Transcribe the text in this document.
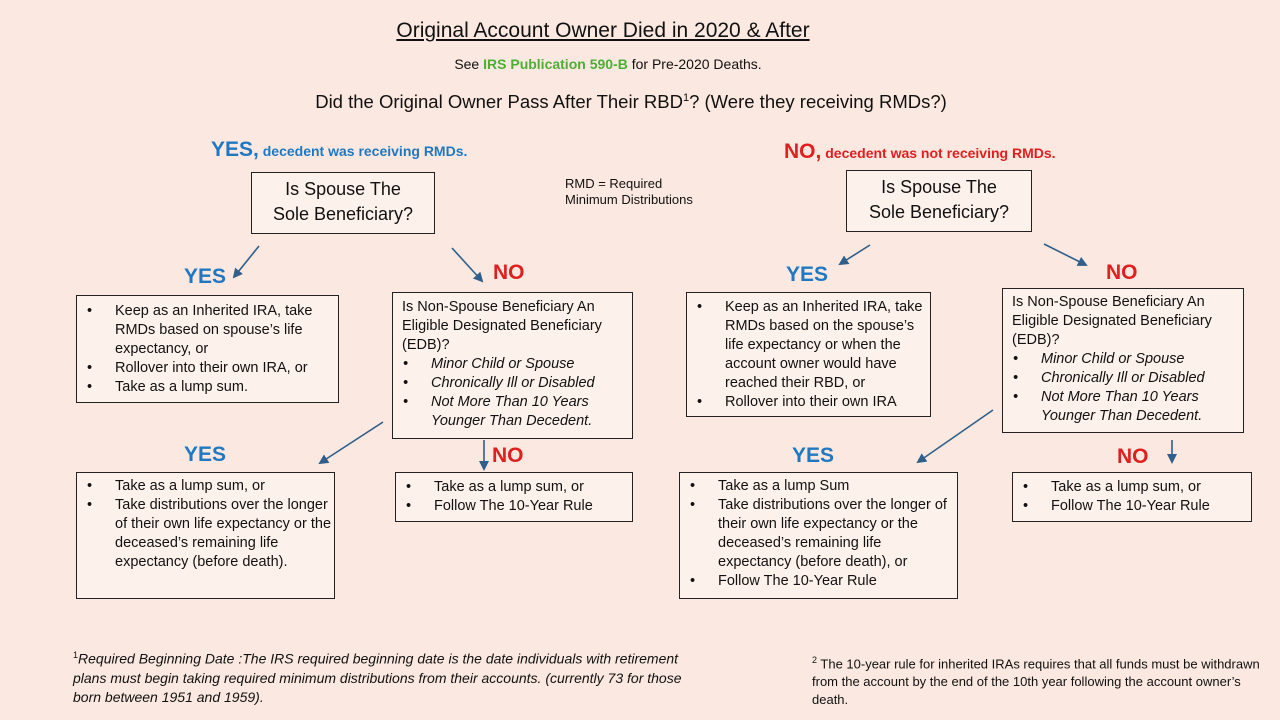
Original Account Owner Died in 2020 & After
See IRS Publication 590-B for Pre-2020 Deaths.
Did the Original Owner Pass After Their RBD$^1$? (Were they receiving RMDs?)
YES, decedent was receiving RMDs.	NO, decedent was not receiving RMDs.
RMD = Required
Minimum Distributions
Is Spouse The
Sole Beneficiary?
YES	NO
• Keep as an Inherited IRA, take RMDs based on spouse’s life expectancy, or
• Rollover into their own IRA, or
• Take as a lump sum.
Is Non-Spouse Beneficiary An Eligible Designated Beneficiary (EDB)?
• Minor Child or Spouse
• Chronically Ill or Disabled
• Not More Than 10 Years Younger Than Decedent.
YES	NO
• Take as a lump sum, or
• Take distributions over the longer of their own life expectancy or the deceased’s remaining life expectancy (before death).
• Take as a lump sum, or
• Follow The 10-Year Rule
Is Spouse The
Sole Beneficiary?
YES	NO
• Keep as an Inherited IRA, take RMDs based on the spouse’s life expectancy or when the account owner would have reached their RBD, or
• Rollover into their own IRA
Is Non-Spouse Beneficiary An Eligible Designated Beneficiary (EDB)?
• Minor Child or Spouse
• Chronically Ill or Disabled
• Not More Than 10 Years Younger Than Decedent.
YES	NO
• Take as a lump Sum
• Take distributions over the longer of their own life expectancy or the deceased’s remaining life expectancy (before death), or
• Follow The 10-Year Rule
• Take as a lump sum, or
• Follow The 10-Year Rule
$^1$Required Beginning Date :The IRS required beginning date is the date individuals with retirement plans must begin taking required minimum distributions from their accounts. (currently 73 for those born between 1951 and 1959).
$^2$ The 10-year rule for inherited IRAs requires that all funds must be withdrawn from the account by the end of the 10th year following the account owner’s death.
